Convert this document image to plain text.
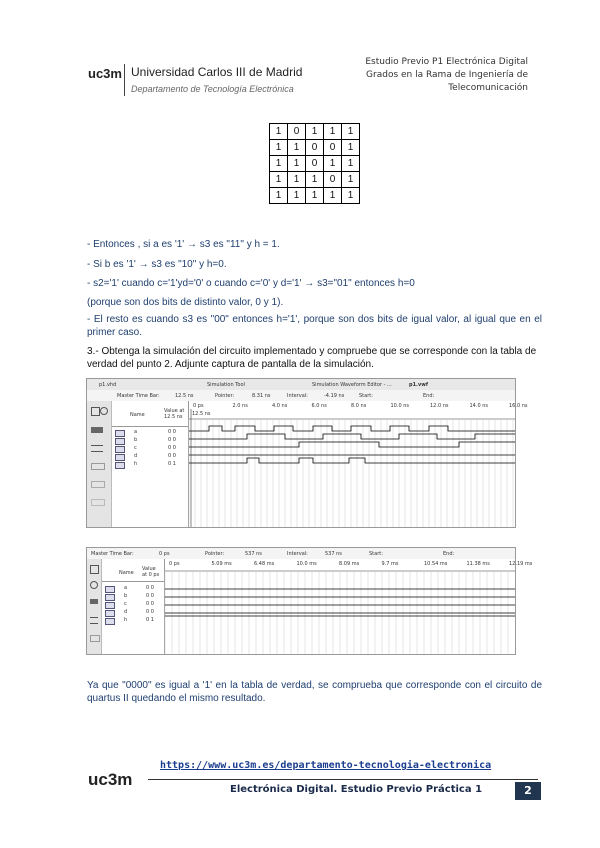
uc3m Universidad Carlos III de Madrid
Departamento de Tecnología Electrónica
Estudio Previo P1 Electrónica Digital
Grados en la Rama de Ingeniería de
Telecomunicación
1	0	1	1	1
1	1	0	0	1
1	1	0	1	1
1	1	1	0	1
1	1	1	1	1
- Entonces , si a es '1' → s3 es "11" y h = 1.
- Si b es '1' → s3 es "10" y h=0.
- s2='1' cuando c='1'yd='0' o cuando c='0' y d='1' → s3="01" entonces h=0
(porque son dos bits de distinto valor, 0 y 1).
- El resto es cuando s3 es "00" entonces h='1', porque son dos bits de igual valor, al igual que en el primer caso.
3.- Obtenga la simulación del circuito implementado y compruebe que se corresponde con la tabla de verdad del punto 2. Adjunte captura de pantalla de la simulación.
p1.vhd	Simulation Tool	Simulation Waveform Editor - ...	p1.vwf
Master Time Bar:	12.5 ns	Pointer:	8.31 ns	Interval:	-4.19 ns	Start:	End:
Name
Value at 12.5 ns
a	0 0
b	0 0
c	0 0
d	0 0
h	0 1
0 ps	2.0 ns	4.0 ns	6.0 ns	8.0 ns	10.0 ns	12.0 ns	14.0 ns	16.0 ns
12.5 ns
Master Time Bar:	0 ps	Pointer:	537 ns	Interval:	537 ns	Start:	End:
Name
Value at 0 ps
a	0 0
b	0 0
c	0 0
d	0 0
h	0 1
0 ps	5.09 ms	6.48 ms	10.0 ms	8.09 ms	9.7 ms	10.54 ms	11.38 ms	12.19 ms
Ya que "0000" es igual a '1' en la tabla de verdad, se comprueba que corresponde con el circuito de quartus II quedando el mismo resultado.
uc3m
https://www.uc3m.es/departamento-tecnologia-electronica
Electrónica Digital. Estudio Previo Práctica 1	2
